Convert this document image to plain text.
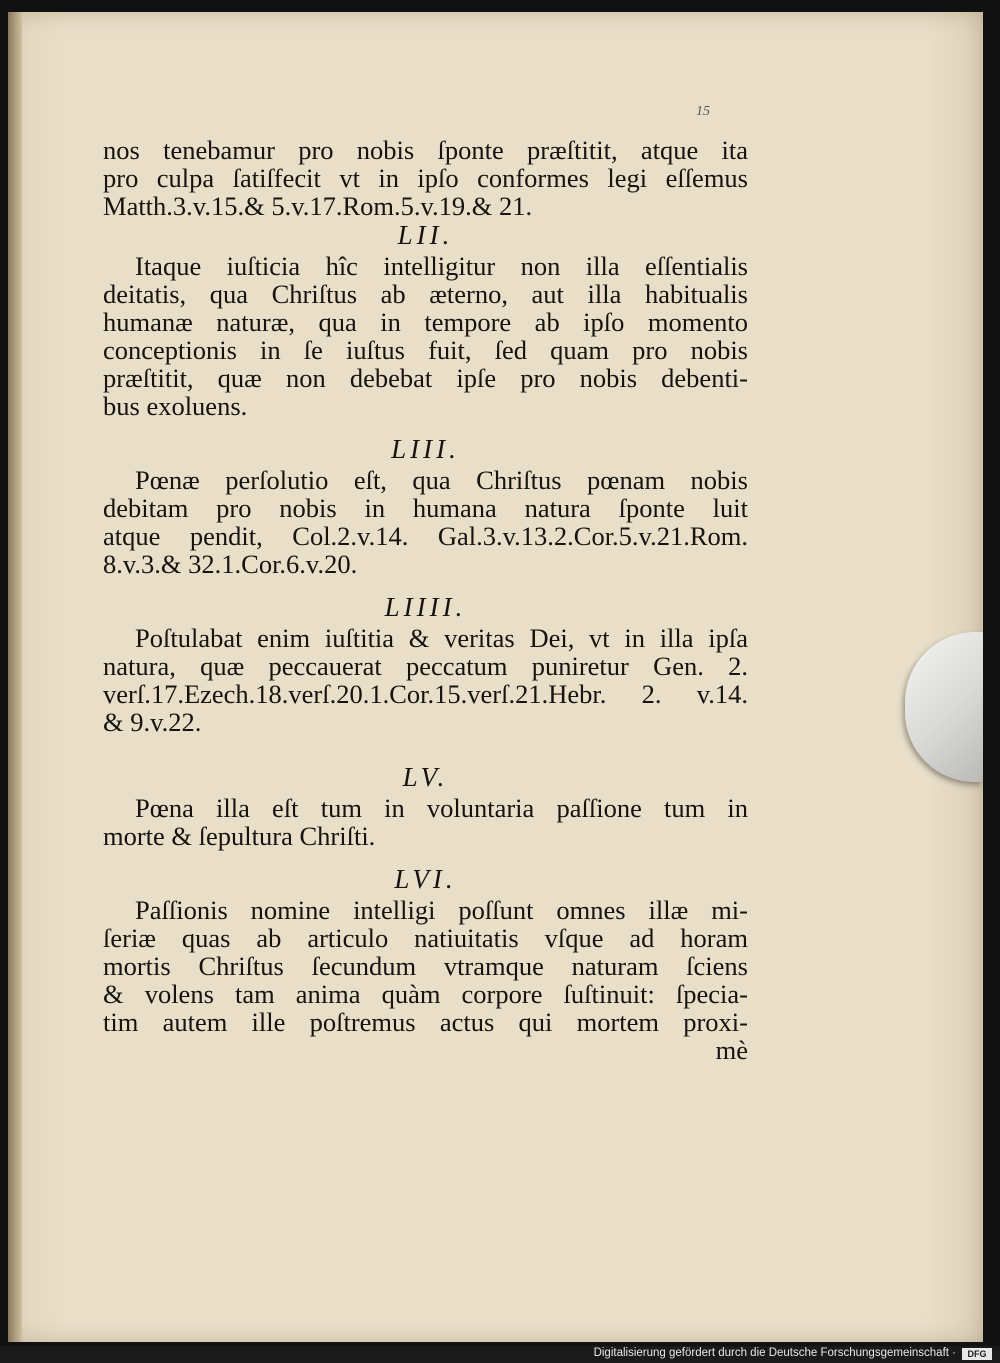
15
nos tenebamur pro nobis ſponte præſtitit, atque ita
pro culpa ſatiſfecit vt in ipſo conformes legi eſſemus
Matth.3.v.15.& 5.v.17.Rom.5.v.19.& 21.
LII.
Itaque iuſticia hîc intelligitur non illa eſſentialis
deitatis, qua Chriſtus ab æterno, aut illa habitualis
humanæ naturæ, qua in tempore ab ipſo momento
conceptionis in ſe iuſtus fuit, ſed quam pro nobis
præſtitit, quæ non debebat ipſe pro nobis debenti-
bus exoluens.
LIII.
Pœnæ perſolutio eſt, qua Chriſtus pœnam nobis
debitam pro nobis in humana natura ſponte luit
atque pendit, Col.2.v.14. Gal.3.v.13.2.Cor.5.v.21.Rom.
8.v.3.& 32.1.Cor.6.v.20.
LIIII.
Poſtulabat enim iuſtitia & veritas Dei, vt in illa ipſa
natura, quæ peccauerat peccatum puniretur Gen. 2.
verſ.17.Ezech.18.verſ.20.1.Cor.15.verſ.21.Hebr. 2. v.14.
& 9.v.22.
LV.
Pœna illa eſt tum in voluntaria paſſione tum in
morte & ſepultura Chriſti.
LVI.
Paſſionis nomine intelligi poſſunt omnes illæ mi-
ſeriæ quas ab articulo natiuitatis vſque ad horam
mortis Chriſtus ſecundum vtramque naturam ſciens
& volens tam anima quàm corpore ſuſtinuit: ſpecia-
tim autem ille poſtremus actus qui mortem proxi-
mè
Digitalisierung gefördert durch die Deutsche Forschungsgemeinschaft ·	DFG
